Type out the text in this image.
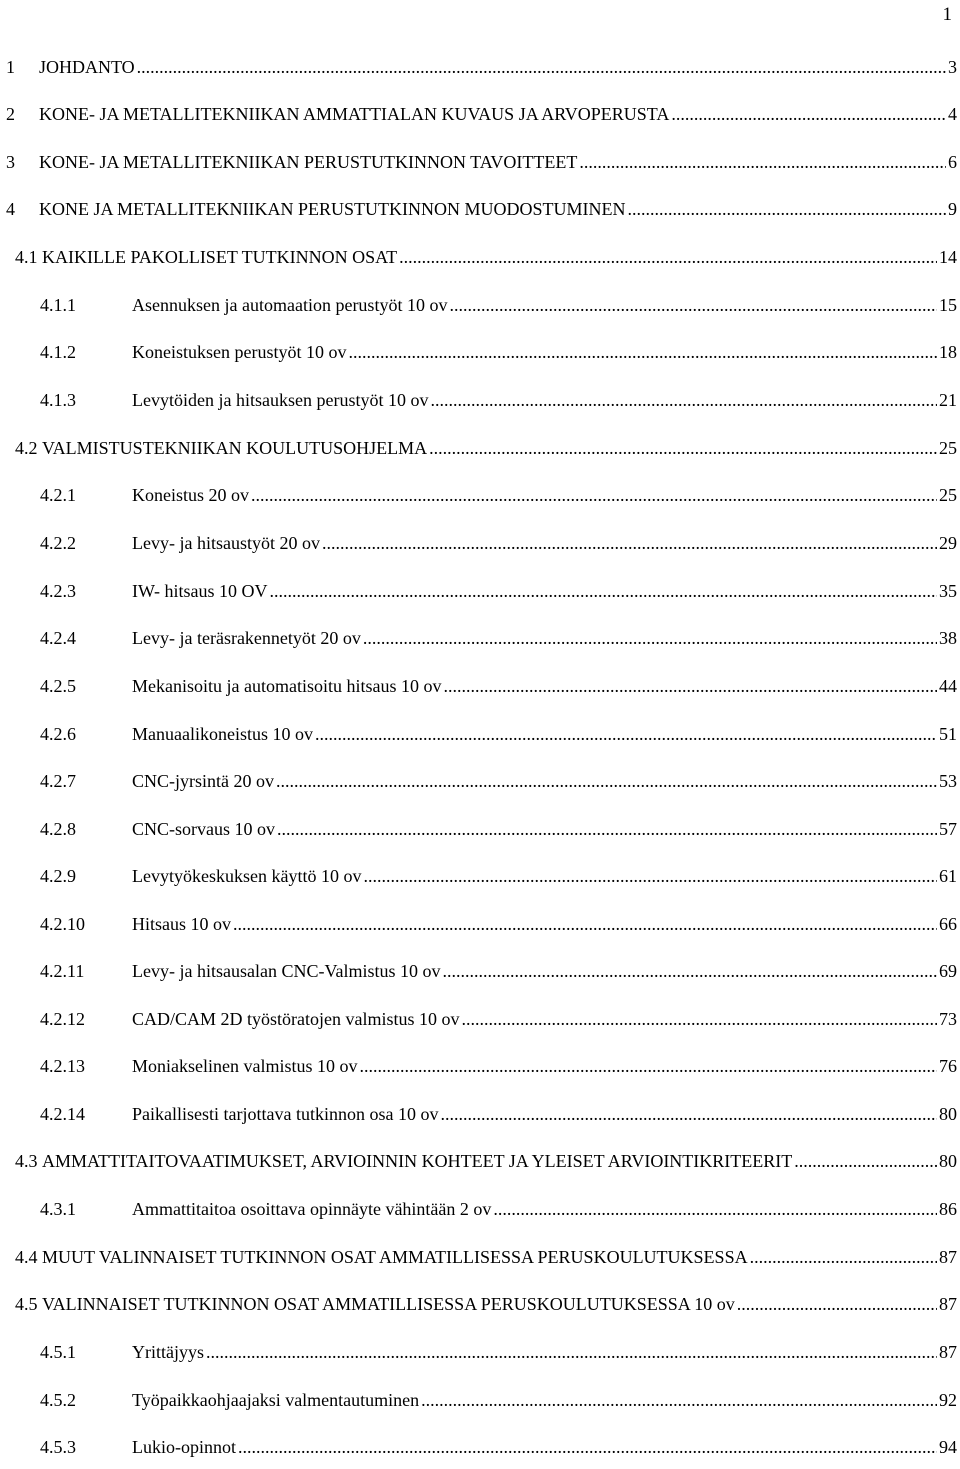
1
1	JOHDANTO .....	3
2	KONE- JA METALLITEKNIIKAN AMMATTIALAN KUVAUS JA ARVOPERUSTA .....	4
3	KONE- JA METALLITEKNIIKAN PERUSTUTKINNON TAVOITTEET .....	6
4	KONE JA METALLITEKNIIKAN PERUSTUTKINNON MUODOSTUMINEN .....	9
4.1 KAIKILLE PAKOLLISET TUTKINNON OSAT .....	14
4.1.1	Asennuksen ja automaation perustyöt 10 ov .....	15
4.1.2	Koneistuksen perustyöt 10 ov .....	18
4.1.3	Levytöiden ja hitsauksen perustyöt 10 ov .....	21
4.2 VALMISTUSTEKNIIKAN KOULUTUSOHJELMA .....	25
4.2.1	Koneistus 20 ov .....	25
4.2.2	Levy- ja hitsaustyöt 20 ov .....	29
4.2.3	IW- hitsaus 10 OV .....	35
4.2.4	Levy- ja teräsrakennetyöt 20 ov .....	38
4.2.5	Mekanisoitu ja automatisoitu hitsaus 10 ov .....	44
4.2.6	Manuaalikoneistus 10 ov .....	51
4.2.7	CNC-jyrsintä 20 ov .....	53
4.2.8	CNC-sorvaus 10 ov .....	57
4.2.9	Levytyökeskuksen käyttö 10 ov .....	61
4.2.10	Hitsaus 10 ov .....	66
4.2.11	Levy- ja hitsausalan CNC-Valmistus 10 ov .....	69
4.2.12	CAD/CAM 2D työstöratojen valmistus 10 ov .....	73
4.2.13	Moniakselinen valmistus 10 ov .....	76
4.2.14	Paikallisesti tarjottava tutkinnon osa 10 ov .....	80
4.3 AMMATTITAITOVAATIMUKSET, ARVIOINNIN KOHTEET JA YLEISET ARVIOINTIKRITEERIT .....	80
4.3.1	Ammattitaitoa osoittava opinnäyte vähintään 2 ov .....	86
4.4 MUUT VALINNAISET TUTKINNON OSAT AMMATILLISESSA PERUSKOULUTUKSESSA .....	87
4.5 VALINNAISET TUTKINNON OSAT AMMATILLISESSA PERUSKOULUTUKSESSA 10 ov .....	87
4.5.1	Yrittäjyys .....	87
4.5.2	Työpaikkaohjaajaksi valmentautuminen .....	92
4.5.3	Lukio-opinnot .....	94
